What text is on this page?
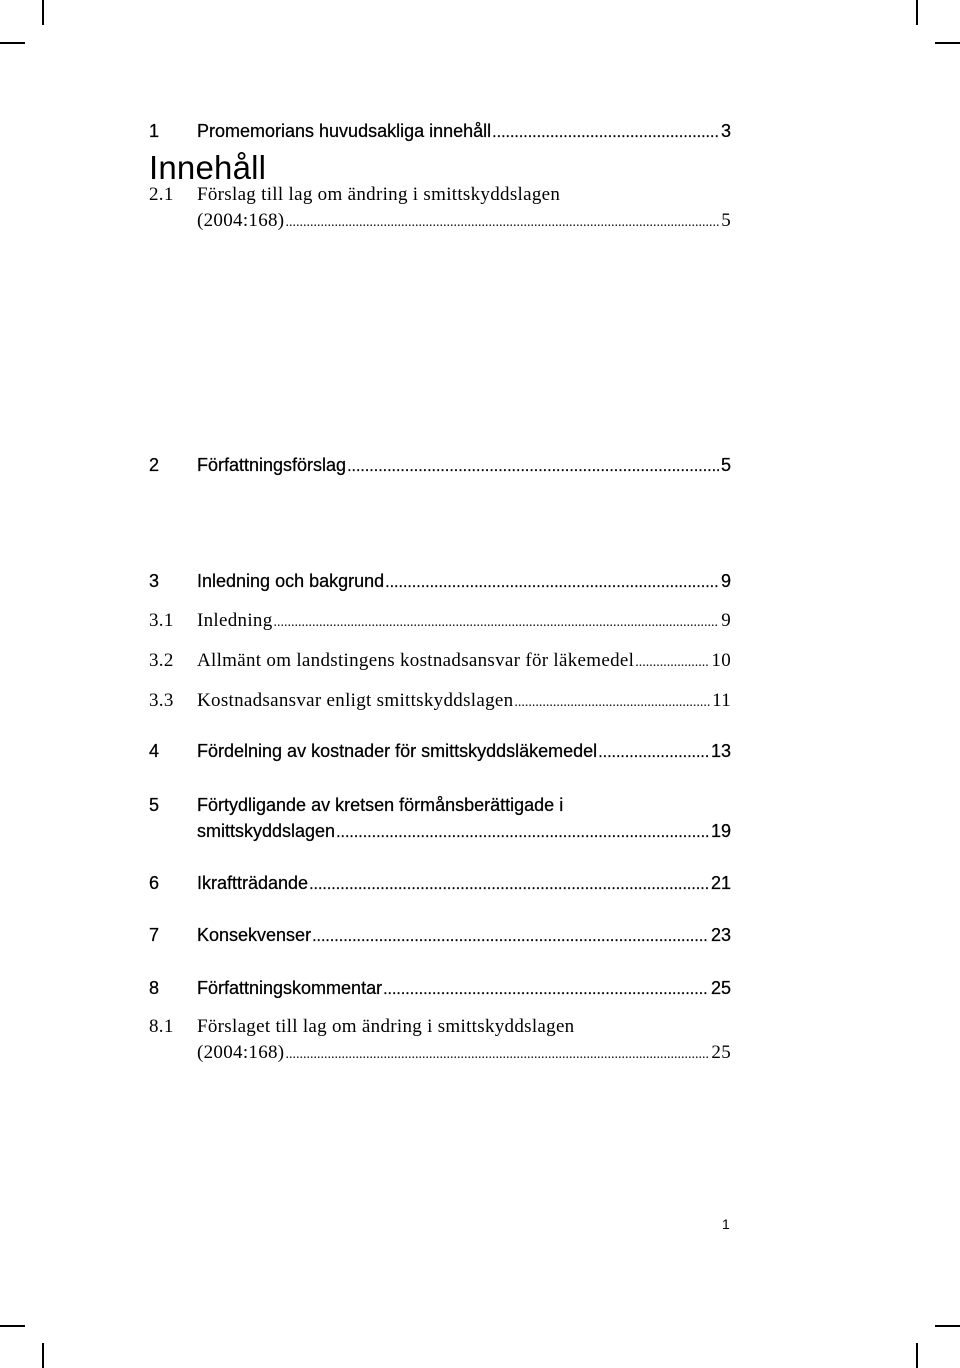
Innehåll
1	Promemorians huvudsakliga innehåll .....	3
2	Författningsförslag .....	5
2.1	Förslag till lag om ändring i smittskyddslagen
(2004:168) .....	5
3	Inledning och bakgrund .....	9
3.1	Inledning .....	9
3.2	Allmänt om landstingens kostnadsansvar för läkemedel .....	10
3.3	Kostnadsansvar enligt smittskyddslagen .....	11
4	Fördelning av kostnader för smittskyddsläkemedel .....	13
5	Förtydligande av kretsen förmånsberättigade i
smittskyddslagen .....	19
6	Ikraftträdande .....	21
7	Konsekvenser .....	23
8	Författningskommentar .....	25
8.1	Förslaget till lag om ändring i smittskyddslagen
(2004:168) .....	25
1
